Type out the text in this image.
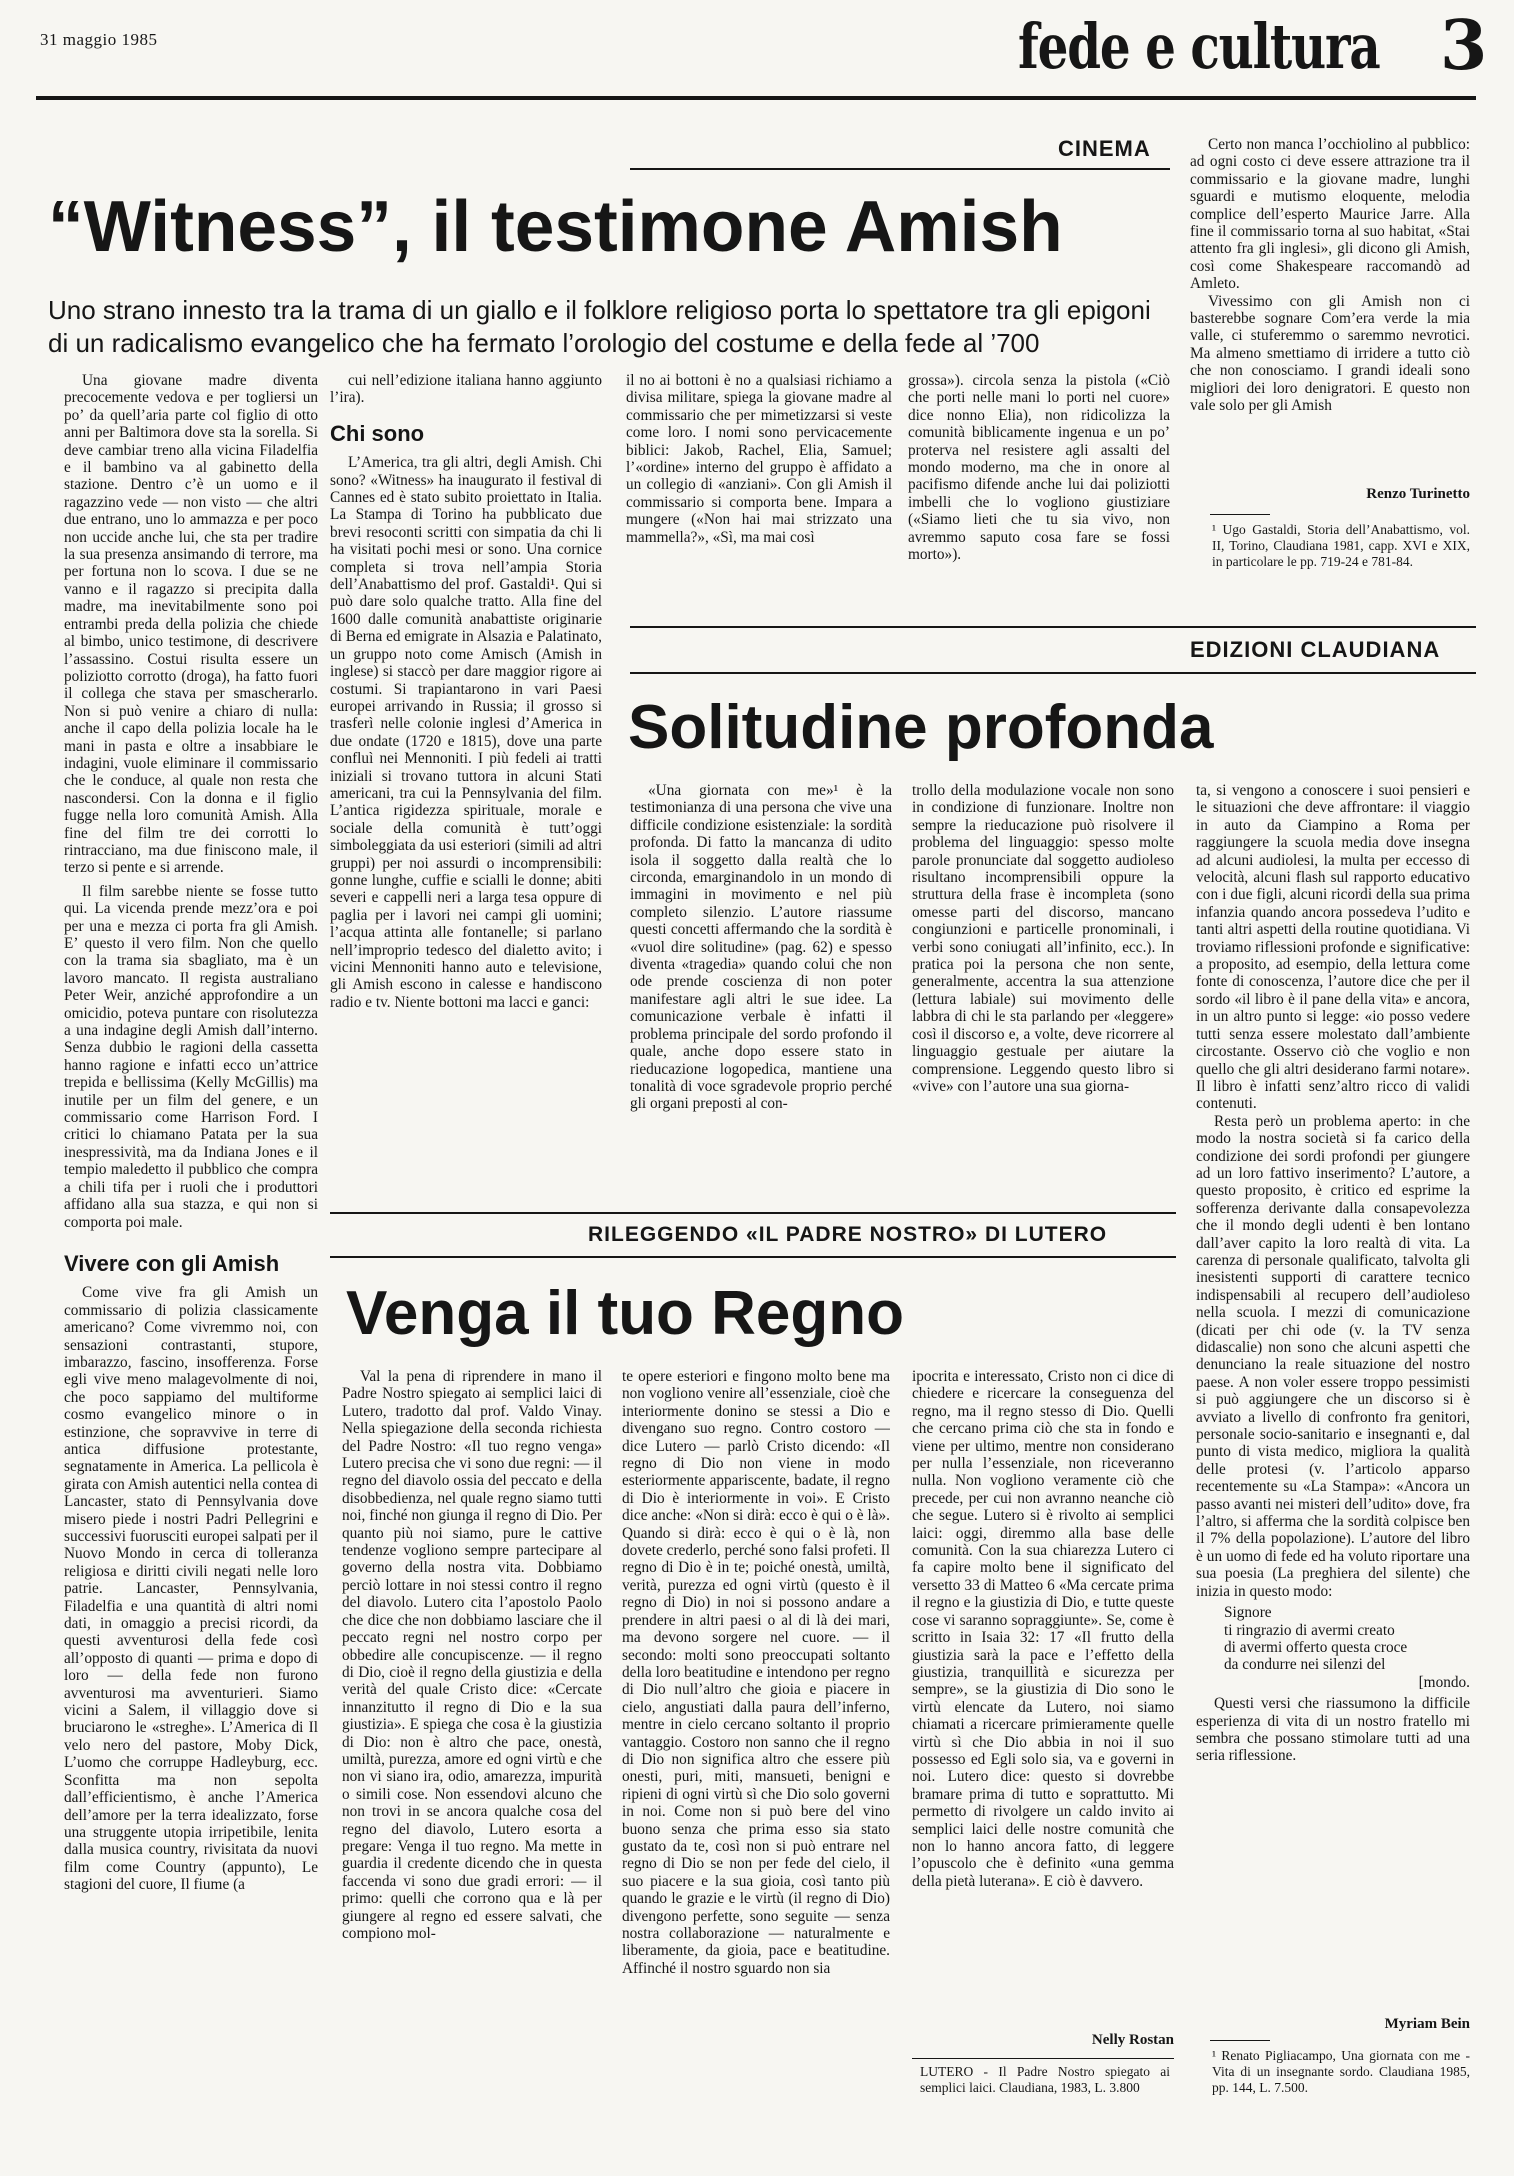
31 maggio 1985	fede e cultura 3
CINEMA
“Witness”, il testimone Amish
Uno strano innesto tra la trama di un giallo e il folklore religioso porta lo spettatore tra gli epigoni di un radicalismo evangelico che ha fermato l’orologio del costume e della fede al ’700

Una giovane madre diventa precocemente vedova e per togliersi un po’ da quell’aria parte col figlio di otto anni per Baltimora dove sta la sorella. Si deve cambiar treno alla vicina Filadelfia e il bambino va al gabinetto della stazione. Dentro c’è un uomo e il ragazzino vede — non visto — che altri due entrano, uno lo ammazza e per poco non uccide anche lui, che sta per tradire la sua presenza ansimando di terrore, ma per fortuna non lo scova. I due se ne vanno e il ragazzo si precipita dalla madre, ma inevitabilmente sono poi entrambi preda della polizia che chiede al bimbo, unico testimone, di descrivere l’assassino. Costui risulta essere un poliziotto corrotto (droga), ha fatto fuori il collega che stava per smascherarlo. Non si può venire a chiaro di nulla: anche il capo della polizia locale ha le mani in pasta e oltre a insabbiare le indagini, vuole eliminare il commissario che le conduce, al quale non resta che nascondersi. Con la donna e il figlio fugge nella loro comunità Amish. Alla fine del film tre dei corrotti lo rintracciano, ma due finiscono male, il terzo si pente e si arrende.

Il film sarebbe niente se fosse tutto qui. La vicenda prende mezz’ora e poi per una e mezza ci porta fra gli Amish. E’ questo il vero film. Non che quello con la trama sia sbagliato, ma è un lavoro mancato. Il regista australiano Peter Weir, anziché approfondire a un omicidio, poteva puntare con risolutezza a una indagine degli Amish dall’interno. Senza dubbio le ragioni della cassetta hanno ragione e infatti ecco un’attrice trepida e bellissima (Kelly McGillis) ma inutile per un film del genere, e un commissario come Harrison Ford. I critici lo chiamano Patata per la sua inespressività, ma da Indiana Jones e il tempio maledetto il pubblico che compra a chili tifa per i ruoli che i produttori affidano alla sua stazza, e qui non si comporta poi male.

Vivere con gli Amish

Come vive fra gli Amish un commissario di polizia classicamente americano? Come vivremmo noi, con sensazioni contrastanti, stupore, imbarazzo, fascino, insofferenza. Forse egli vive meno malagevolmente di noi, che poco sappiamo del multiforme cosmo evangelico minore o in estinzione, che sopravvive in terre di antica diffusione protestante, segnatamente in America. La pellicola è girata con Amish autentici nella contea di Lancaster, stato di Pennsylvania dove misero piede i nostri Padri Pellegrini e successivi fuorusciti europei salpati per il Nuovo Mondo in cerca di tolleranza religiosa e diritti civili negati nelle loro patrie. Lancaster, Pennsylvania, Filadelfia e una quantità di altri nomi dati, in omaggio a precisi ricordi, da questi avventurosi della fede così all’opposto di quanti — prima e dopo di loro — della fede non furono avventurosi ma avventurieri. Siamo vicini a Salem, il villaggio dove si bruciarono le «streghe». L’America di Il velo nero del pastore, Moby Dick, L’uomo che corruppe Hadleyburg, ecc. Sconfitta ma non sepolta dall’efficientismo, è anche l’America dell’amore per la terra idealizzato, forse una struggente utopia irripetibile, lenita dalla musica country, rivisitata da nuovi film come Country (appunto), Le stagioni del cuore, Il fiume (a

cui nell’edizione italiana hanno aggiunto l’ira).

Chi sono

L’America, tra gli altri, degli Amish. Chi sono? «Witness» ha inaugurato il festival di Cannes ed è stato subito proiettato in Italia. La Stampa di Torino ha pubblicato due brevi resoconti scritti con simpatia da chi li ha visitati pochi mesi or sono. Una cornice completa si trova nell’ampia Storia dell’Anabattismo del prof. Gastaldi¹. Qui si può dare solo qualche tratto. Alla fine del 1600 dalle comunità anabattiste originarie di Berna ed emigrate in Alsazia e Palatinato, un gruppo noto come Amisch (Amish in inglese) si staccò per dare maggior rigore ai costumi. Si trapiantarono in vari Paesi europei arrivando in Russia; il grosso si trasferì nelle colonie inglesi d’America in due ondate (1720 e 1815), dove una parte confluì nei Mennoniti. I più fedeli ai tratti iniziali si trovano tuttora in alcuni Stati americani, tra cui la Pennsylvania del film. L’antica rigidezza spirituale, morale e sociale della comunità è tutt’oggi simboleggiata da usi esteriori (simili ad altri gruppi) per noi assurdi o incomprensibili: gonne lunghe, cuffie e scialli le donne; abiti severi e cappelli neri a larga tesa oppure di paglia per i lavori nei campi gli uomini; l’acqua attinta alle fontanelle; si parlano nell’improprio tedesco del dialetto avito; i vicini Mennoniti hanno auto e televisione, gli Amish escono in calesse e handiscono radio e tv. Niente bottoni ma lacci e ganci:

il no ai bottoni è no a qualsiasi richiamo a divisa militare, spiega la giovane madre al commissario che per mimetizzarsi si veste come loro. I nomi sono pervicacemente biblici: Jakob, Rachel, Elia, Samuel; l’«ordine» interno del gruppo è affidato a un collegio di «anziani». Con gli Amish il commissario si comporta bene. Impara a mungere («Non hai mai strizzato una mammella?», «Sì, ma mai così

grossa»). circola senza la pistola («Ciò che porti nelle mani lo porti nel cuore» dice nonno Elia), non ridicolizza la comunità biblicamente ingenua e un po’ proterva nel resistere agli assalti del mondo moderno, ma che in onore al pacifismo difende anche lui dai poliziotti imbelli che lo vogliono giustiziare («Siamo lieti che tu sia vivo, non avremmo saputo cosa fare se fossi morto»).

Certo non manca l’occhiolino al pubblico: ad ogni costo ci deve essere attrazione tra il commissario e la giovane madre, lunghi sguardi e mutismo eloquente, melodia complice dell’esperto Maurice Jarre. Alla fine il commissario torna al suo habitat, «Stai attento fra gli inglesi», gli dicono gli Amish, così come Shakespeare raccomandò ad Amleto.

Vivessimo con gli Amish non ci basterebbe sognare Com’era verde la mia valle, ci stuferemmo o saremmo nevrotici. Ma almeno smettiamo di irridere a tutto ciò che non conosciamo. I grandi ideali sono migliori dei loro denigratori. E questo non vale solo per gli Amish

Renzo Turinetto
¹ Ugo Gastaldi, Storia dell’Anabattismo, vol. II, Torino, Claudiana 1981, capp. XVI e XIX, in particolare le pp. 719-24 e 781-84.
EDIZIONI CLAUDIANA
Solitudine profonda

«Una giornata con me»¹ è la testimonianza di una persona che vive una difficile condizione esistenziale: la sordità profonda. Di fatto la mancanza di udito isola il soggetto dalla realtà che lo circonda, emarginandolo in un mondo di immagini in movimento e nel più completo silenzio. L’autore riassume questi concetti affermando che la sordità è «vuol dire solitudine» (pag. 62) e spesso diventa «tragedia» quando colui che non ode prende coscienza di non poter manifestare agli altri le sue idee. La comunicazione verbale è infatti il problema principale del sordo profondo il quale, anche dopo essere stato in rieducazione logopedica, mantiene una tonalità di voce sgradevole proprio perché gli organi preposti al con-

trollo della modulazione vocale non sono in condizione di funzionare. Inoltre non sempre la rieducazione può risolvere il problema del linguaggio: spesso molte parole pronunciate dal soggetto audioleso risultano incomprensibili oppure la struttura della frase è incompleta (sono omesse parti del discorso, mancano congiunzioni e particelle pronominali, i verbi sono coniugati all’infinito, ecc.). In pratica poi la persona che non sente, generalmente, accentra la sua attenzione (lettura labiale) sui movimento delle labbra di chi le sta parlando per «leggere» così il discorso e, a volte, deve ricorrere al linguaggio gestuale per aiutare la comprensione. Leggendo questo libro si «vive» con l’autore una sua giorna-

ta, si vengono a conoscere i suoi pensieri e le situazioni che deve affrontare: il viaggio in auto da Ciampino a Roma per raggiungere la scuola media dove insegna ad alcuni audiolesi, la multa per eccesso di velocità, alcuni flash sul rapporto educativo con i due figli, alcuni ricordi della sua prima infanzia quando ancora possedeva l’udito e tanti altri aspetti della routine quotidiana. Vi troviamo riflessioni profonde e significative: a proposito, ad esempio, della lettura come fonte di conoscenza, l’autore dice che per il sordo «il libro è il pane della vita» e ancora, in un altro punto si legge: «io posso vedere tutti senza essere molestato dall’ambiente circostante. Osservo ciò che voglio e non quello che gli altri desiderano farmi notare». Il libro è infatti senz’altro ricco di validi contenuti.

Resta però un problema aperto: in che modo la nostra società si fa carico della condizione dei sordi profondi per giungere ad un loro fattivo inserimento? L’autore, a questo proposito, è critico ed esprime la sofferenza derivante dalla consapevolezza che il mondo degli udenti è ben lontano dall’aver capito la loro realtà di vita. La carenza di personale qualificato, talvolta gli inesistenti supporti di carattere tecnico indispensabili al recupero dell’audioleso nella scuola. I mezzi di comunicazione (dicati per chi ode (v. la TV senza didascalie) non sono che alcuni aspetti che denunciano la reale situazione del nostro paese. A non voler essere troppo pessimisti si può aggiungere che un discorso si è avviato a livello di confronto fra genitori, personale socio-sanitario e insegnanti e, dal punto di vista medico, migliora la qualità delle protesi (v. l’articolo apparso recentemente su «La Stampa»: «Ancora un passo avanti nei misteri dell’udito» dove, fra l’altro, si afferma che la sordità colpisce ben il 7% della popolazione). L’autore del libro è un uomo di fede ed ha voluto riportare una sua poesia (La preghiera del silente) che inizia in questo modo:

Signore
ti ringrazio di avermi creato
di avermi offerto questa croce
da condurre nei silenzi del
[mondo.

Questi versi che riassumono la difficile esperienza di vita di un nostro fratello mi sembra che possano stimolare tutti ad una seria riflessione.

Myriam Bein
¹ Renato Pigliacampo, Una giornata con me - Vita di un insegnante sordo. Claudiana 1985, pp. 144, L. 7.500.
RILEGGENDO «IL PADRE NOSTRO» DI LUTERO
Venga il tuo Regno

Val la pena di riprendere in mano il Padre Nostro spiegato ai semplici laici di Lutero, tradotto dal prof. Valdo Vinay. Nella spiegazione della seconda richiesta del Padre Nostro: «Il tuo regno venga» Lutero precisa che vi sono due regni: — il regno del diavolo ossia del peccato e della disobbedienza, nel quale regno siamo tutti noi, finché non giunga il regno di Dio. Per quanto più noi siamo, pure le cattive tendenze vogliono sempre partecipare al governo della nostra vita. Dobbiamo perciò lottare in noi stessi contro il regno del diavolo. Lutero cita l’apostolo Paolo che dice che non dobbiamo lasciare che il peccato regni nel nostro corpo per obbedire alle concupiscenze. — il regno di Dio, cioè il regno della giustizia e della verità del quale Cristo dice: «Cercate innanzitutto il regno di Dio e la sua giustizia». E spiega che cosa è la giustizia di Dio: non è altro che pace, onestà, umiltà, purezza, amore ed ogni virtù e che non vi siano ira, odio, amarezza, impurità o simili cose. Non essendovi alcuno che non trovi in se ancora qualche cosa del regno del diavolo, Lutero esorta a pregare: Venga il tuo regno. Ma mette in guardia il credente dicendo che in questa faccenda vi sono due gradi errori: — il primo: quelli che corrono qua e là per giungere al regno ed essere salvati, che compiono mol-

te opere esteriori e fingono molto bene ma non vogliono venire all’essenziale, cioè che interiormente donino se stessi a Dio e divengano suo regno. Contro costoro — dice Lutero — parlò Cristo dicendo: «Il regno di Dio non viene in modo esteriormente appariscente, badate, il regno di Dio è interiormente in voi». E Cristo dice anche: «Non si dirà: ecco è qui o è là». Quando si dirà: ecco è qui o è là, non dovete crederlo, perché sono falsi profeti. Il regno di Dio è in te; poiché onestà, umiltà, verità, purezza ed ogni virtù (questo è il regno di Dio) in noi si possono andare a prendere in altri paesi o al di là dei mari, ma devono sorgere nel cuore. — il secondo: molti sono preoccupati soltanto della loro beatitudine e intendono per regno di Dio null’altro che gioia e piacere in cielo, angustiati dalla paura dell’inferno, mentre in cielo cercano soltanto il proprio vantaggio. Costoro non sanno che il regno di Dio non significa altro che essere più onesti, puri, miti, mansueti, benigni e ripieni di ogni virtù sì che Dio solo governi in noi. Come non si può bere del vino buono senza che prima esso sia stato gustato da te, così non si può entrare nel regno di Dio se non per fede del cielo, il suo piacere e la sua gioia, così tanto più quando le grazie e le virtù (il regno di Dio) divengono perfette, sono seguite — senza nostra collaborazione — naturalmente e liberamente, da gioia, pace e beatitudine. Affinché il nostro sguardo non sia

ipocrita e interessato, Cristo non ci dice di chiedere e ricercare la conseguenza del regno, ma il regno stesso di Dio. Quelli che cercano prima ciò che sta in fondo e viene per ultimo, mentre non considerano per nulla l’essenziale, non riceveranno nulla. Non vogliono veramente ciò che precede, per cui non avranno neanche ciò che segue. Lutero si è rivolto ai semplici laici: oggi, diremmo alla base delle comunità. Con la sua chiarezza Lutero ci fa capire molto bene il significato del versetto 33 di Matteo 6 «Ma cercate prima il regno e la giustizia di Dio, e tutte queste cose vi saranno sopraggiunte». Se, come è scritto in Isaia 32: 17 «Il frutto della giustizia sarà la pace e l’effetto della giustizia, tranquillità e sicurezza per sempre», se la giustizia di Dio sono le virtù elencate da Lutero, noi siamo chiamati a ricercare primieramente quelle virtù sì che Dio abbia in noi il suo possesso ed Egli solo sia, va e governi in noi. Lutero dice: questo si dovrebbe bramare prima di tutto e soprattutto. Mi permetto di rivolgere un caldo invito ai semplici laici delle nostre comunità che non lo hanno ancora fatto, di leggere l’opuscolo che è definito «una gemma della pietà luterana». E ciò è davvero.

Nelly Rostan
LUTERO - Il Padre Nostro spiegato ai semplici laici. Claudiana, 1983, L. 3.800
